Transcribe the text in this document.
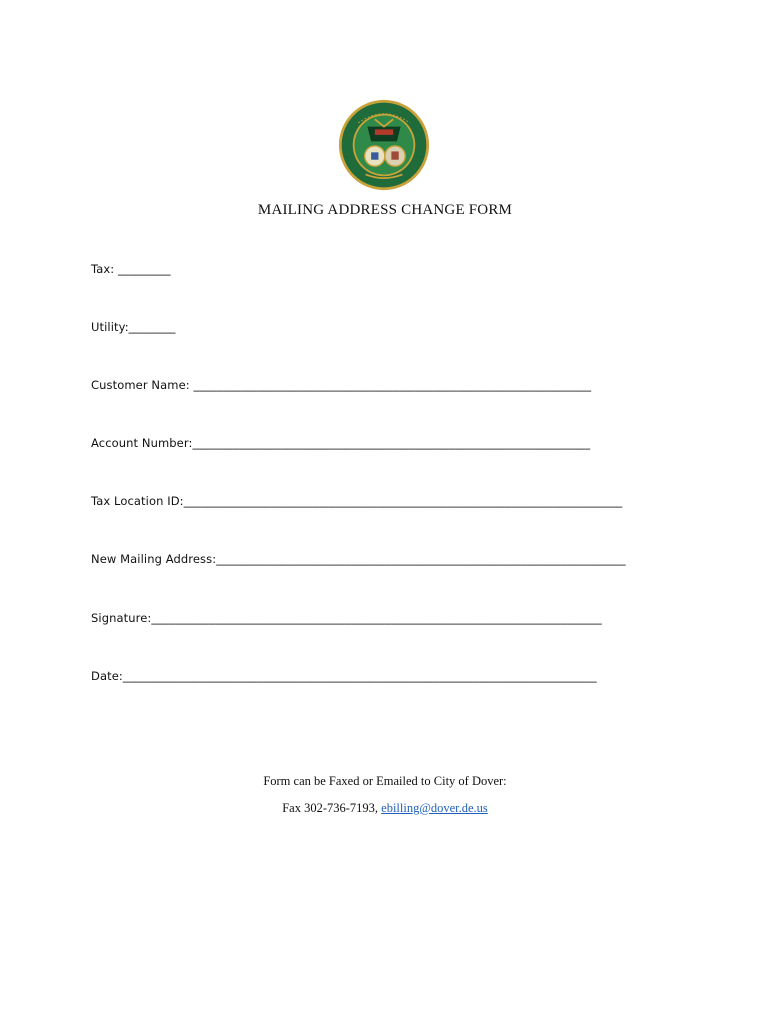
MAILING ADDRESS CHANGE FORM
Tax: _________
Utility:________
Customer Name: ____________________________________________________________________
Account Number:____________________________________________________________________
Tax Location ID:___________________________________________________________________________
New Mailing Address:______________________________________________________________________
Signature:_____________________________________________________________________________
Date:_________________________________________________________________________________
Form can be Faxed or Emailed to City of Dover:
Fax 302-736-7193, ebilling@dover.de.us
